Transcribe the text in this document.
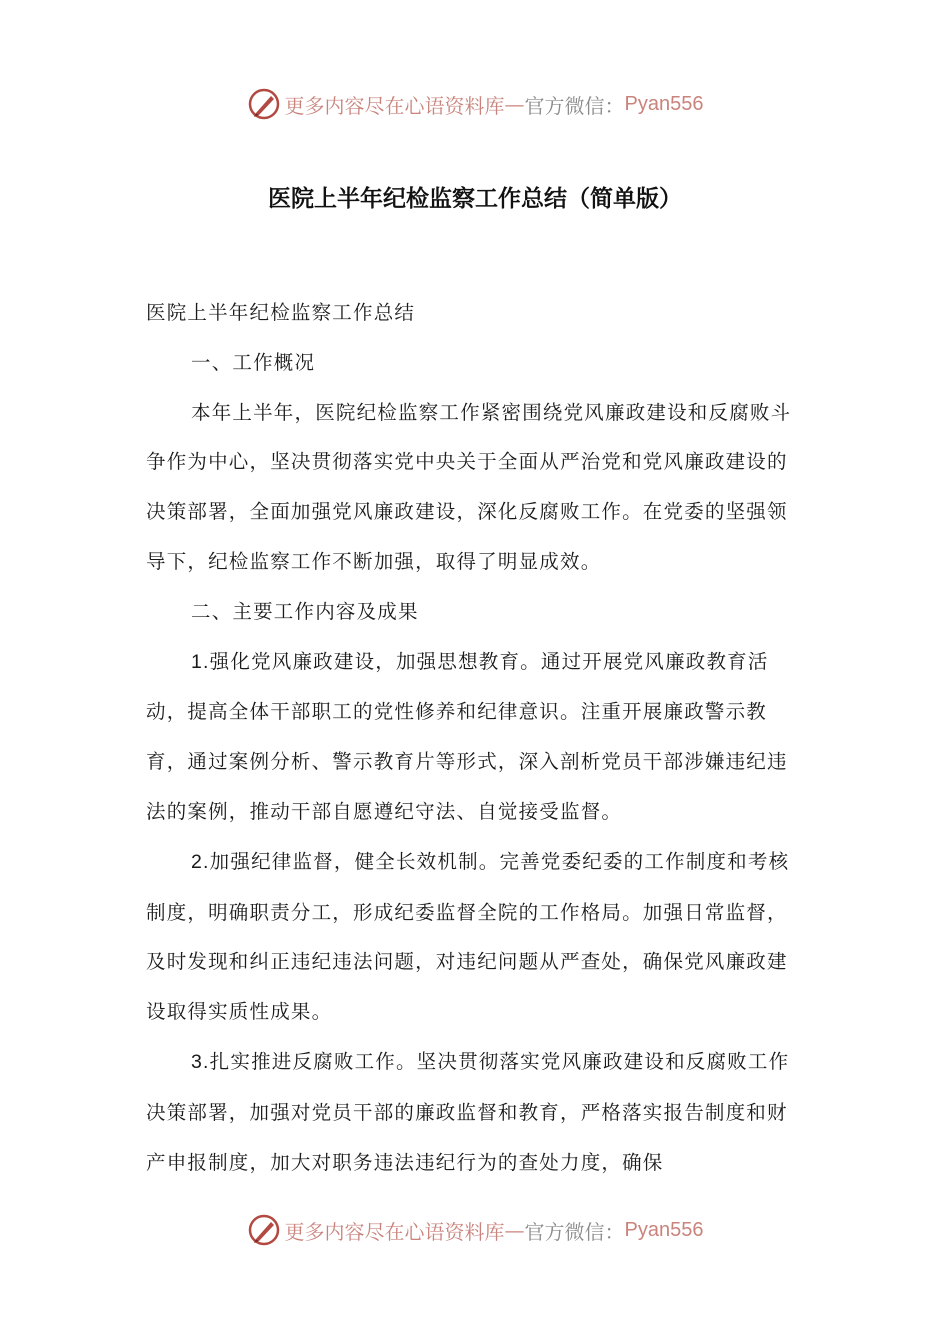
更多内容尽在心语资料库 — 官方微信： Pyan556
医院上半年纪检监察工作总结（简单版）

医院上半年纪检监察工作总结

一、工作概况

本年上半年，医院纪检监察工作紧密围绕党风廉政建设和反腐败斗争作为中心，坚决贯彻落实党中央关于全面从严治党和党风廉政建设的决策部署，全面加强党风廉政建设，深化反腐败工作。在党委的坚强领导下，纪检监察工作不断加强，取得了明显成效。

二、主要工作内容及成果

1.强化党风廉政建设，加强思想教育。通过开展党风廉政教育活动，提高全体干部职工的党性修养和纪律意识。注重开展廉政警示教育，通过案例分析、警示教育片等形式，深入剖析党员干部涉嫌违纪违法的案例，推动干部自愿遵纪守法、自觉接受监督。

2.加强纪律监督，健全长效机制。完善党委纪委的工作制度和考核制度，明确职责分工，形成纪委监督全院的工作格局。加强日常监督，及时发现和纠正违纪违法问题，对违纪问题从严查处，确保党风廉政建设取得实质性成果。

3.扎实推进反腐败工作。坚决贯彻落实党风廉政建设和反腐败工作决策部署，加强对党员干部的廉政监督和教育，严格落实报告制度和财产申报制度，加大对职务违法违纪行为的查处力度，确保

更多内容尽在心语资料库 — 官方微信： Pyan556
